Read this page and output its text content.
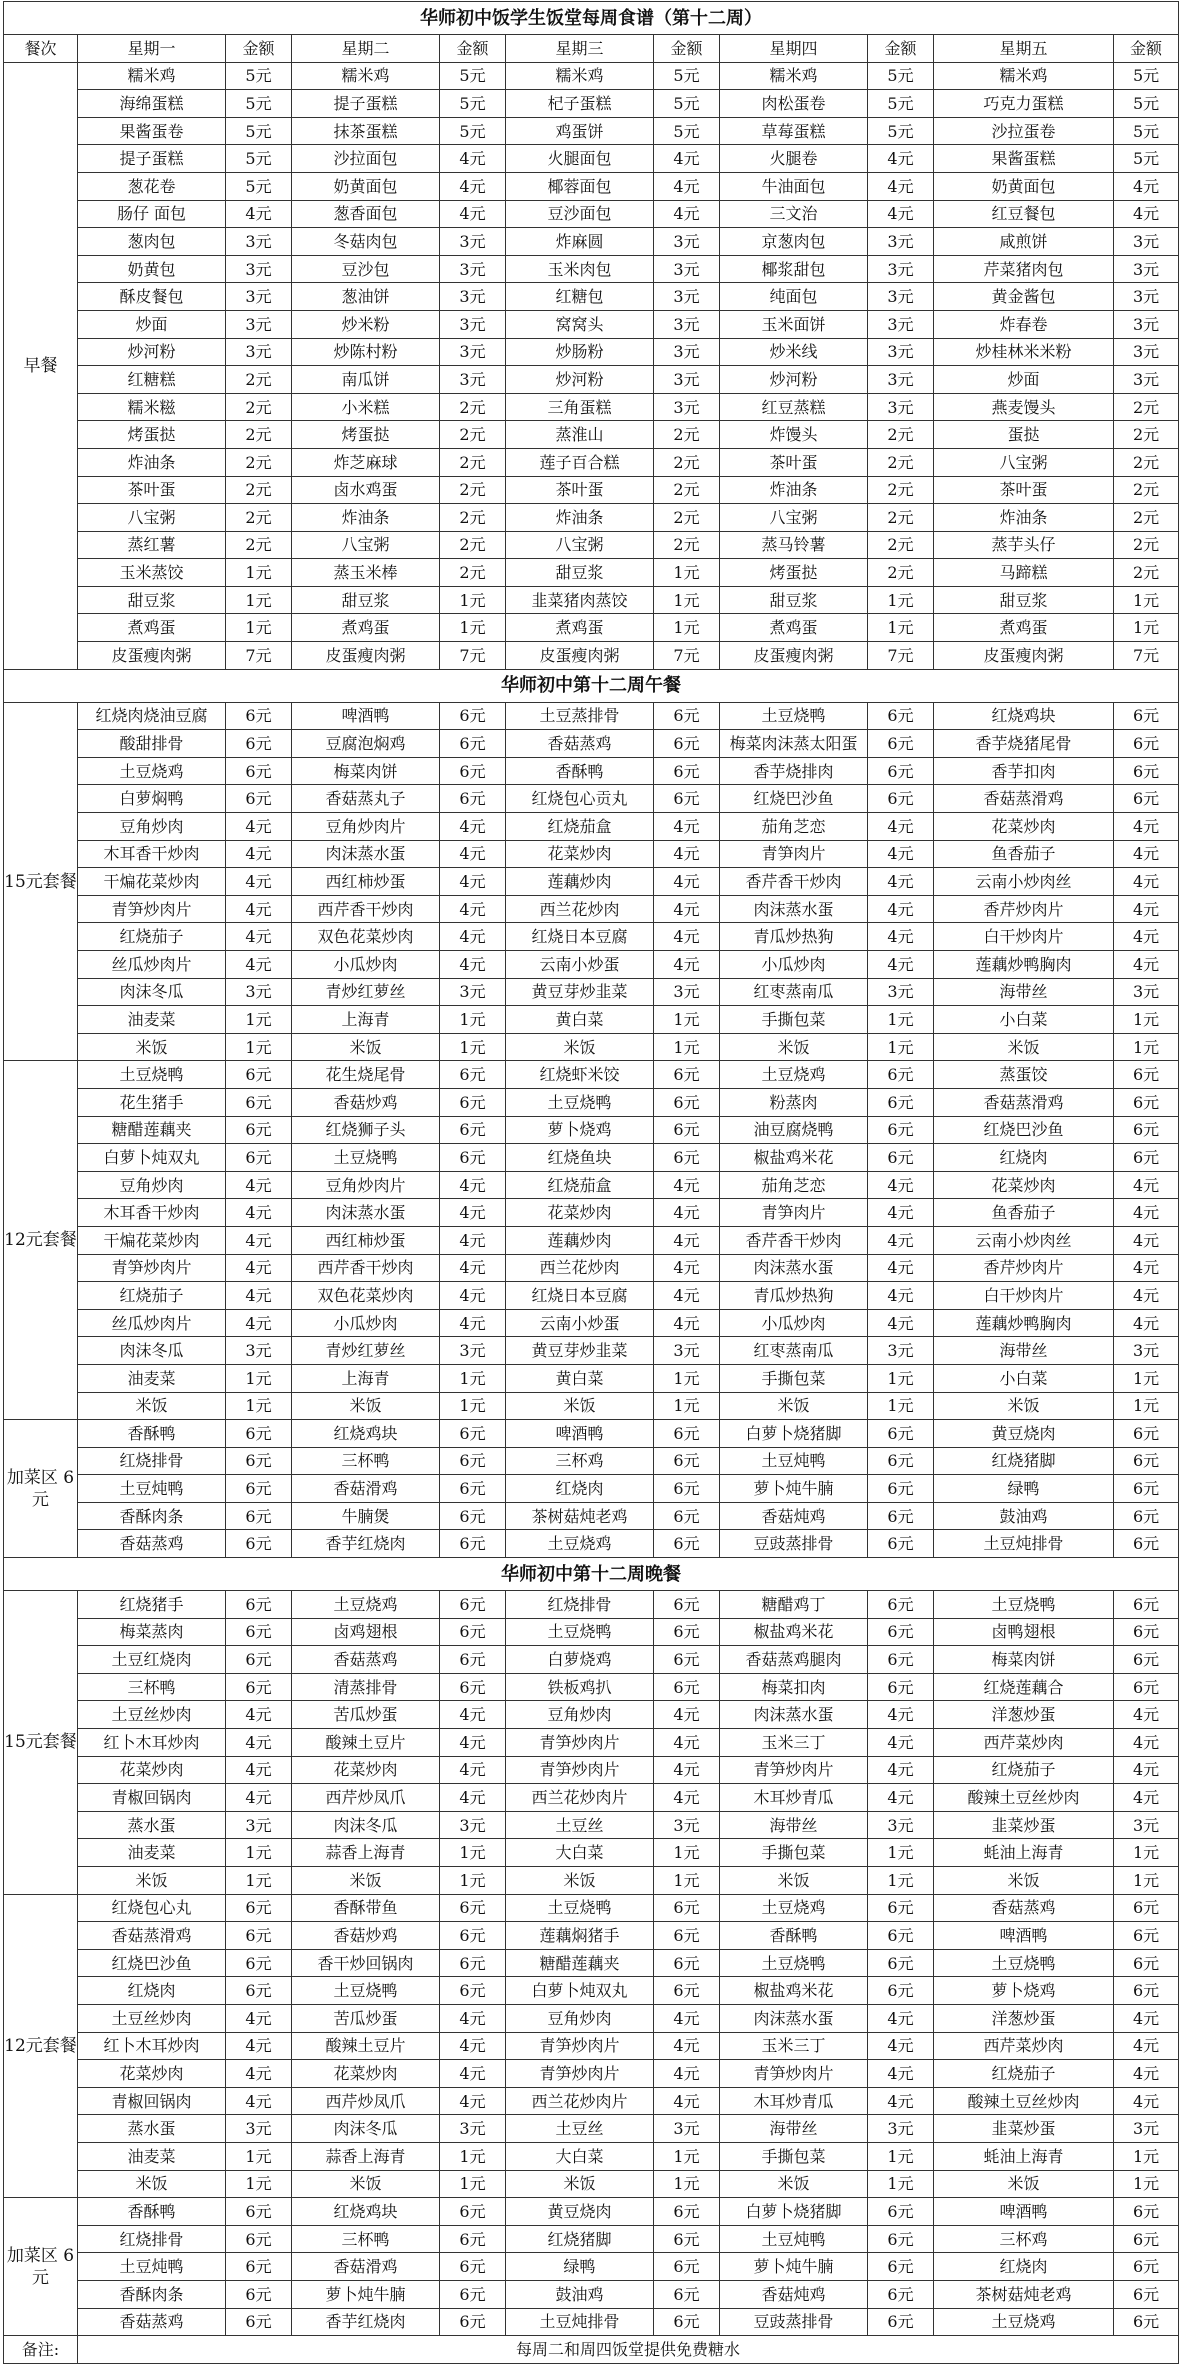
华师初中饭学生饭堂每周食谱（第十二周）										
餐次	星期一	金额	星期二	金额	星期三	金额	星期四	金额	星期五	金额
早餐	糯米鸡	5元	糯米鸡	5元	糯米鸡	5元	糯米鸡	5元	糯米鸡	5元
	海绵蛋糕	5元	提子蛋糕	5元	杞子蛋糕	5元	肉松蛋卷	5元	巧克力蛋糕	5元
	果酱蛋卷	5元	抹茶蛋糕	5元	鸡蛋饼	5元	草莓蛋糕	5元	沙拉蛋卷	5元
	提子蛋糕	5元	沙拉面包	4元	火腿面包	4元	火腿卷	4元	果酱蛋糕	5元
	葱花卷	5元	奶黄面包	4元	椰蓉面包	4元	牛油面包	4元	奶黄面包	4元
	肠仔 面包	4元	葱香面包	4元	豆沙面包	4元	三文治	4元	红豆餐包	4元
	葱肉包	3元	冬菇肉包	3元	炸麻圆	3元	京葱肉包	3元	咸煎饼	3元
	奶黄包	3元	豆沙包	3元	玉米肉包	3元	椰浆甜包	3元	芹菜猪肉包	3元
	酥皮餐包	3元	葱油饼	3元	红糖包	3元	纯面包	3元	黄金酱包	3元
	炒面	3元	炒米粉	3元	窝窝头	3元	玉米面饼	3元	炸春卷	3元
	炒河粉	3元	炒陈村粉	3元	炒肠粉	3元	炒米线	3元	炒桂林米米粉	3元
	红糖糕	2元	南瓜饼	3元	炒河粉	3元	炒河粉	3元	炒面	3元
	糯米糍	2元	小米糕	2元	三角蛋糕	3元	红豆蒸糕	3元	燕麦馒头	2元
	烤蛋挞	2元	烤蛋挞	2元	蒸淮山	2元	炸馒头	2元	蛋挞	2元
	炸油条	2元	炸芝麻球	2元	莲子百合糕	2元	茶叶蛋	2元	八宝粥	2元
	茶叶蛋	2元	卤水鸡蛋	2元	茶叶蛋	2元	炸油条	2元	茶叶蛋	2元
	八宝粥	2元	炸油条	2元	炸油条	2元	八宝粥	2元	炸油条	2元
	蒸红薯	2元	八宝粥	2元	八宝粥	2元	蒸马铃薯	2元	蒸芋头仔	2元
	玉米蒸饺	1元	蒸玉米棒	2元	甜豆浆	1元	烤蛋挞	2元	马蹄糕	2元
	甜豆浆	1元	甜豆浆	1元	韭菜猪肉蒸饺	1元	甜豆浆	1元	甜豆浆	1元
	煮鸡蛋	1元	煮鸡蛋	1元	煮鸡蛋	1元	煮鸡蛋	1元	煮鸡蛋	1元
	皮蛋瘦肉粥	7元	皮蛋瘦肉粥	7元	皮蛋瘦肉粥	7元	皮蛋瘦肉粥	7元	皮蛋瘦肉粥	7元
华师初中第十二周午餐										
15元套餐	红烧肉烧油豆腐	6元	啤酒鸭	6元	土豆蒸排骨	6元	土豆烧鸭	6元	红烧鸡块	6元
	酸甜排骨	6元	豆腐泡焖鸡	6元	香菇蒸鸡	6元	梅菜肉沫蒸太阳蛋	6元	香芋烧猪尾骨	6元
	土豆烧鸡	6元	梅菜肉饼	6元	香酥鸭	6元	香芋烧排肉	6元	香芋扣肉	6元
	白萝焖鸭	6元	香菇蒸丸子	6元	红烧包心贡丸	6元	红烧巴沙鱼	6元	香菇蒸滑鸡	6元
	豆角炒肉	4元	豆角炒肉片	4元	红烧茄盒	4元	茄角芝恋	4元	花菜炒肉	4元
	木耳香干炒肉	4元	肉沫蒸水蛋	4元	花菜炒肉	4元	青笋肉片	4元	鱼香茄子	4元
	干煸花菜炒肉	4元	西红柿炒蛋	4元	莲藕炒肉	4元	香芹香干炒肉	4元	云南小炒肉丝	4元
	青笋炒肉片	4元	西芹香干炒肉	4元	西兰花炒肉	4元	肉沫蒸水蛋	4元	香芹炒肉片	4元
	红烧茄子	4元	双色花菜炒肉	4元	红烧日本豆腐	4元	青瓜炒热狗	4元	白干炒肉片	4元
	丝瓜炒肉片	4元	小瓜炒肉	4元	云南小炒蛋	4元	小瓜炒肉	4元	莲藕炒鸭胸肉	4元
	肉沫冬瓜	3元	青炒红萝丝	3元	黄豆芽炒韭菜	3元	红枣蒸南瓜	3元	海带丝	3元
	油麦菜	1元	上海青	1元	黄白菜	1元	手撕包菜	1元	小白菜	1元
	米饭	1元	米饭	1元	米饭	1元	米饭	1元	米饭	1元
12元套餐	土豆烧鸭	6元	花生烧尾骨	6元	红烧虾米饺	6元	土豆烧鸡	6元	蒸蛋饺	6元
	花生猪手	6元	香菇炒鸡	6元	土豆烧鸭	6元	粉蒸肉	6元	香菇蒸滑鸡	6元
	糖醋莲藕夹	6元	红烧狮子头	6元	萝卜烧鸡	6元	油豆腐烧鸭	6元	红烧巴沙鱼	6元
	白萝卜炖双丸	6元	土豆烧鸭	6元	红烧鱼块	6元	椒盐鸡米花	6元	红烧肉	6元
	豆角炒肉	4元	豆角炒肉片	4元	红烧茄盒	4元	茄角芝恋	4元	花菜炒肉	4元
	木耳香干炒肉	4元	肉沫蒸水蛋	4元	花菜炒肉	4元	青笋肉片	4元	鱼香茄子	4元
	干煸花菜炒肉	4元	西红柿炒蛋	4元	莲藕炒肉	4元	香芹香干炒肉	4元	云南小炒肉丝	4元
	青笋炒肉片	4元	西芹香干炒肉	4元	西兰花炒肉	4元	肉沫蒸水蛋	4元	香芹炒肉片	4元
	红烧茄子	4元	双色花菜炒肉	4元	红烧日本豆腐	4元	青瓜炒热狗	4元	白干炒肉片	4元
	丝瓜炒肉片	4元	小瓜炒肉	4元	云南小炒蛋	4元	小瓜炒肉	4元	莲藕炒鸭胸肉	4元
	肉沫冬瓜	3元	青炒红萝丝	3元	黄豆芽炒韭菜	3元	红枣蒸南瓜	3元	海带丝	3元
	油麦菜	1元	上海青	1元	黄白菜	1元	手撕包菜	1元	小白菜	1元
	米饭	1元	米饭	1元	米饭	1元	米饭	1元	米饭	1元
加菜区 6元	香酥鸭	6元	红烧鸡块	6元	啤酒鸭	6元	白萝卜烧猪脚	6元	黄豆烧肉	6元
	红烧排骨	6元	三杯鸭	6元	三杯鸡	6元	土豆炖鸭	6元	红烧猪脚	6元
	土豆炖鸭	6元	香菇滑鸡	6元	红烧肉	6元	萝卜炖牛腩	6元	绿鸭	6元
	香酥肉条	6元	牛腩煲	6元	茶树菇炖老鸡	6元	香菇炖鸡	6元	鼓油鸡	6元
	香菇蒸鸡	6元	香芋红烧肉	6元	土豆烧鸡	6元	豆豉蒸排骨	6元	土豆炖排骨	6元
华师初中第十二周晚餐										
15元套餐	红烧猪手	6元	土豆烧鸡	6元	红烧排骨	6元	糖醋鸡丁	6元	土豆烧鸭	6元
	梅菜蒸肉	6元	卤鸡翅根	6元	土豆烧鸭	6元	椒盐鸡米花	6元	卤鸭翅根	6元
	土豆红烧肉	6元	香菇蒸鸡	6元	白萝烧鸡	6元	香菇蒸鸡腿肉	6元	梅菜肉饼	6元
	三杯鸭	6元	清蒸排骨	6元	铁板鸡扒	6元	梅菜扣肉	6元	红烧莲藕合	6元
	土豆丝炒肉	4元	苦瓜炒蛋	4元	豆角炒肉	4元	肉沫蒸水蛋	4元	洋葱炒蛋	4元
	红卜木耳炒肉	4元	酸辣土豆片	4元	青笋炒肉片	4元	玉米三丁	4元	西芹菜炒肉	4元
	花菜炒肉	4元	花菜炒肉	4元	青笋炒肉片	4元	青笋炒肉片	4元	红烧茄子	4元
	青椒回锅肉	4元	西芹炒凤爪	4元	西兰花炒肉片	4元	木耳炒青瓜	4元	酸辣土豆丝炒肉	4元
	蒸水蛋	3元	肉沫冬瓜	3元	土豆丝	3元	海带丝	3元	韭菜炒蛋	3元
	油麦菜	1元	蒜香上海青	1元	大白菜	1元	手撕包菜	1元	蚝油上海青	1元
	米饭	1元	米饭	1元	米饭	1元	米饭	1元	米饭	1元
12元套餐	红烧包心丸	6元	香酥带鱼	6元	土豆烧鸭	6元	土豆烧鸡	6元	香菇蒸鸡	6元
	香菇蒸滑鸡	6元	香菇炒鸡	6元	莲藕焖猪手	6元	香酥鸭	6元	啤酒鸭	6元
	红烧巴沙鱼	6元	香干炒回锅肉	6元	糖醋莲藕夹	6元	土豆烧鸭	6元	土豆烧鸭	6元
	红烧肉	6元	土豆烧鸭	6元	白萝卜炖双丸	6元	椒盐鸡米花	6元	萝卜烧鸡	6元
	土豆丝炒肉	4元	苦瓜炒蛋	4元	豆角炒肉	4元	肉沫蒸水蛋	4元	洋葱炒蛋	4元
	红卜木耳炒肉	4元	酸辣土豆片	4元	青笋炒肉片	4元	玉米三丁	4元	西芹菜炒肉	4元
	花菜炒肉	4元	花菜炒肉	4元	青笋炒肉片	4元	青笋炒肉片	4元	红烧茄子	4元
	青椒回锅肉	4元	西芹炒凤爪	4元	西兰花炒肉片	4元	木耳炒青瓜	4元	酸辣土豆丝炒肉	4元
	蒸水蛋	3元	肉沫冬瓜	3元	土豆丝	3元	海带丝	3元	韭菜炒蛋	3元
	油麦菜	1元	蒜香上海青	1元	大白菜	1元	手撕包菜	1元	蚝油上海青	1元
	米饭	1元	米饭	1元	米饭	1元	米饭	1元	米饭	1元
加菜区 6元	香酥鸭	6元	红烧鸡块	6元	黄豆烧肉	6元	白萝卜烧猪脚	6元	啤酒鸭	6元
	红烧排骨	6元	三杯鸭	6元	红烧猪脚	6元	土豆炖鸭	6元	三杯鸡	6元
	土豆炖鸭	6元	香菇滑鸡	6元	绿鸭	6元	萝卜炖牛腩	6元	红烧肉	6元
	香酥肉条	6元	萝卜炖牛腩	6元	鼓油鸡	6元	香菇炖鸡	6元	茶树菇炖老鸡	6元
	香菇蒸鸡	6元	香芋红烧肉	6元	土豆炖排骨	6元	豆豉蒸排骨	6元	土豆烧鸡	6元
备注:	每周二和周四饭堂提供免费糖水									
